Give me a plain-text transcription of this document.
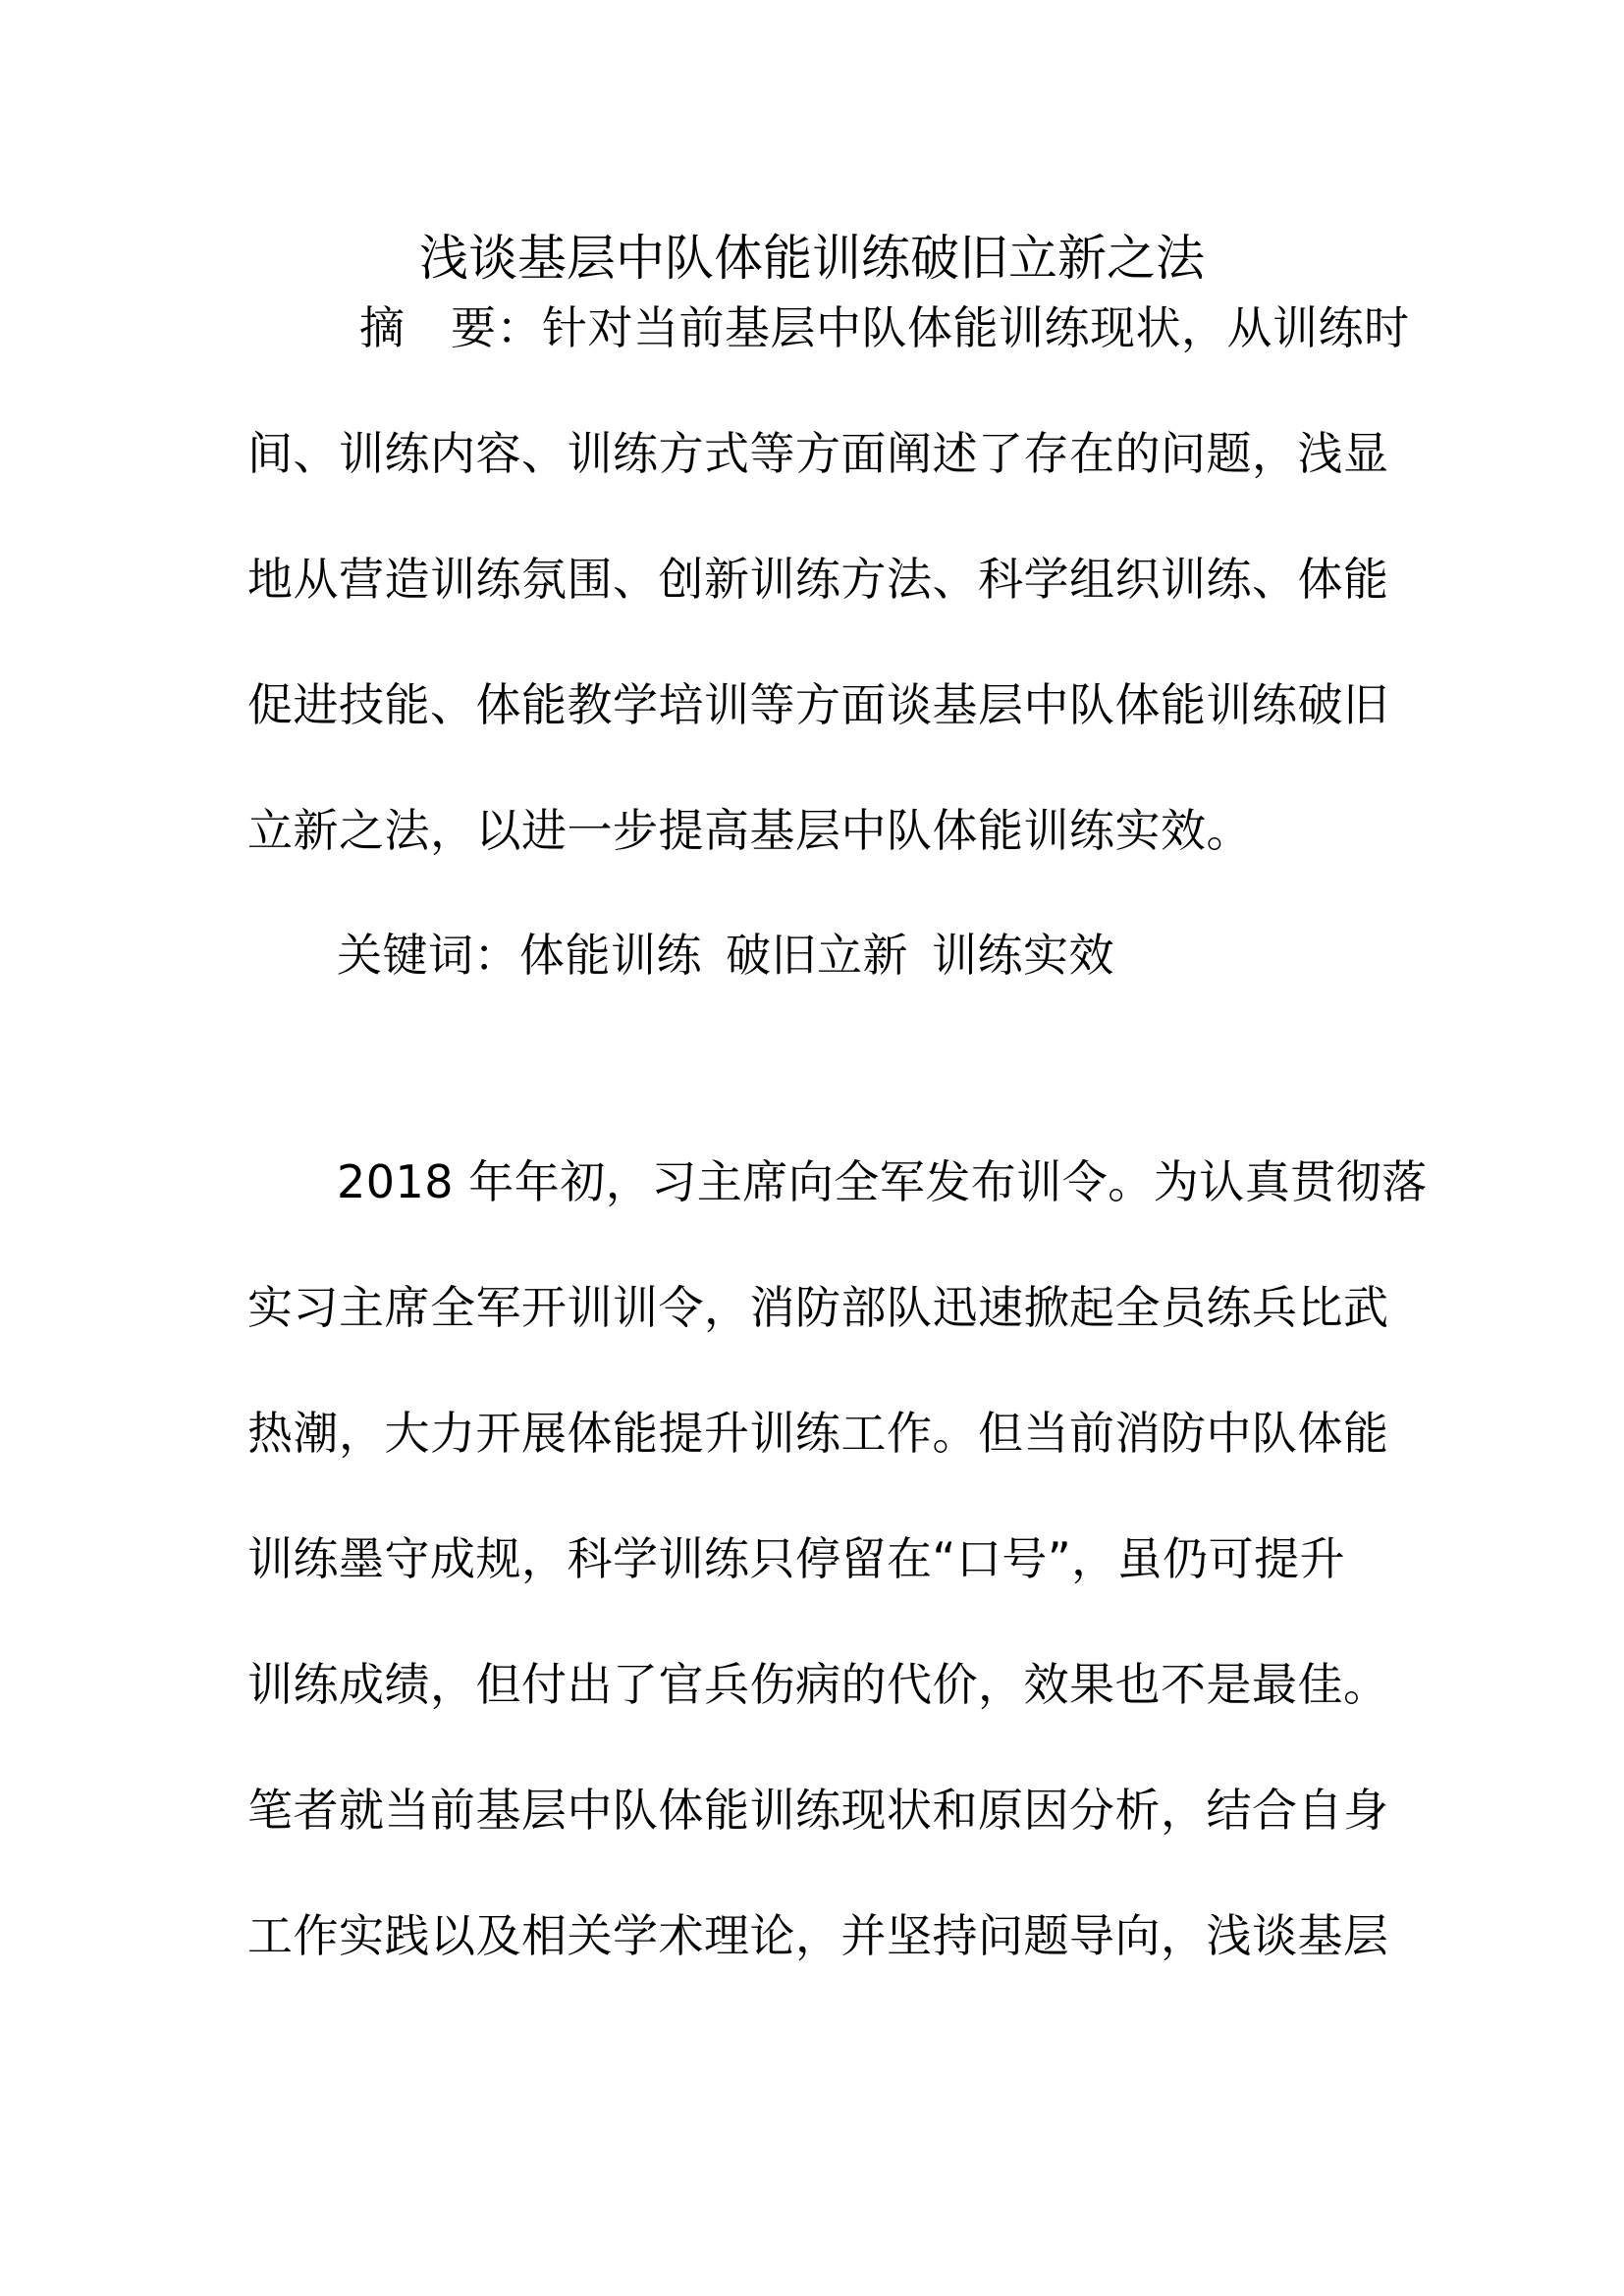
浅谈基层中队体能训练破旧立新之法
摘　要：针对当前基层中队体能训练现状，从训练时
间、训练内容、训练方式等方面阐述了存在的问题，浅显
地从营造训练氛围、创新训练方法、科学组织训练、体能
促进技能、体能教学培训等方面谈基层中队体能训练破旧
立新之法，以进一步提高基层中队体能训练实效。
关键词：体能训练 破旧立新 训练实效
2018 年年初，习主席向全军发布训令。为认真贯彻落
实习主席全军开训训令，消防部队迅速掀起全员练兵比武
热潮，大力开展体能提升训练工作。但当前消防中队体能
训练墨守成规，科学训练只停留在“口号”，虽仍可提升
训练成绩，但付出了官兵伤病的代价，效果也不是最佳。
笔者就当前基层中队体能训练现状和原因分析，结合自身
工作实践以及相关学术理论，并坚持问题导向，浅谈基层
